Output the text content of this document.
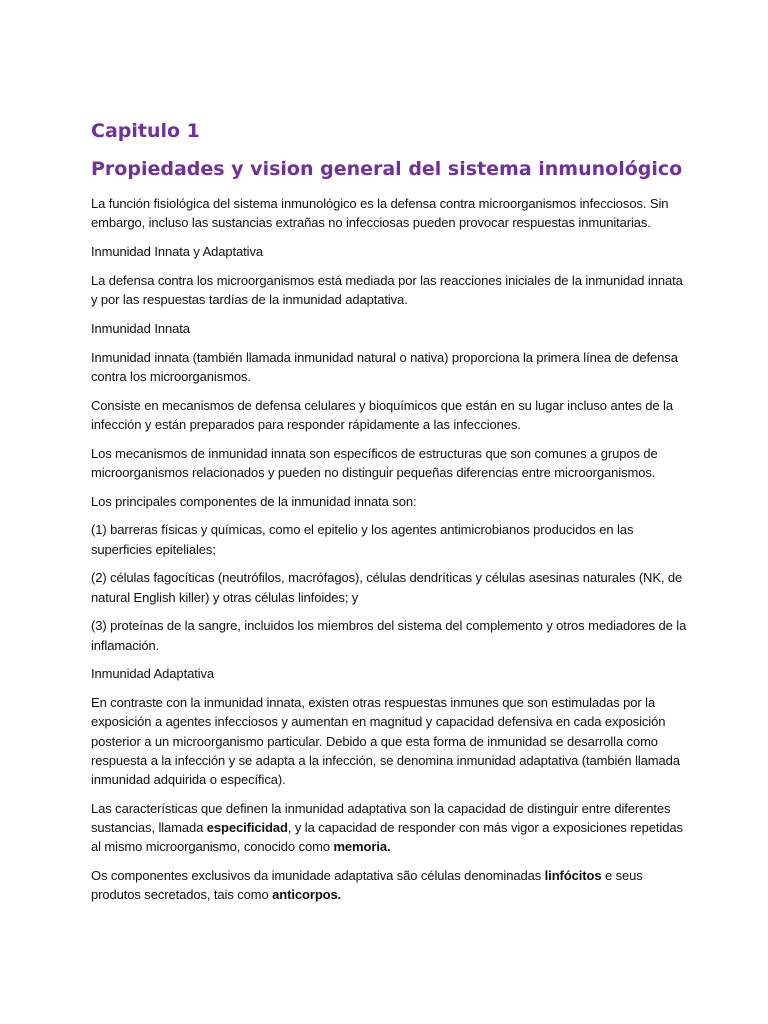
Capitulo 1
Propiedades y vision general del sistema inmunológico

La función fisiológica del sistema inmunológico es la defensa contra microorganismos infecciosos. Sin embargo, incluso las sustancias extrañas no infecciosas pueden provocar respuestas inmunitarias.

Inmunidad Innata y Adaptativa

La defensa contra los microorganismos está mediada por las reacciones iniciales de la inmunidad innata y por las respuestas tardías de la inmunidad adaptativa.

Inmunidad Innata

Inmunidad innata (también llamada inmunidad natural o nativa) proporciona la primera línea de defensa contra los microorganismos.

Consiste en mecanismos de defensa celulares y bioquímicos que están en su lugar incluso antes de la infección y están preparados para responder rápidamente a las infecciones.

Los mecanismos de inmunidad innata son específicos de estructuras que son comunes a grupos de microorganismos relacionados y pueden no distinguir pequeñas diferencias entre microorganismos.

Los principales componentes de la inmunidad innata son:

(1) barreras físicas y químicas, como el epitelio y los agentes antimicrobianos producidos en las superficies epiteliales;

(2) células fagocíticas (neutrófilos, macrófagos), células dendríticas y células asesinas naturales (NK, de natural English killer) y otras células linfoides; y

(3) proteínas de la sangre, incluidos los miembros del sistema del complemento y otros mediadores de la inflamación.

Inmunidad Adaptativa

En contraste con la inmunidad innata, existen otras respuestas inmunes que son estimuladas por la exposición a agentes infecciosos y aumentan en magnitud y capacidad defensiva en cada exposición posterior a un microorganismo particular. Debido a que esta forma de inmunidad se desarrolla como respuesta a la infección y se adapta a la infección, se denomina inmunidad adaptativa (también llamada inmunidad adquirida o específica).

Las características que definen la inmunidad adaptativa son la capacidad de distinguir entre diferentes sustancias, llamada especificidad, y la capacidad de responder con más vigor a exposiciones repetidas al mismo microorganismo, conocido como memoria.

Os componentes exclusivos da imunidade adaptativa são células denominadas linfócitos e seus produtos secretados, tais como anticorpos.
